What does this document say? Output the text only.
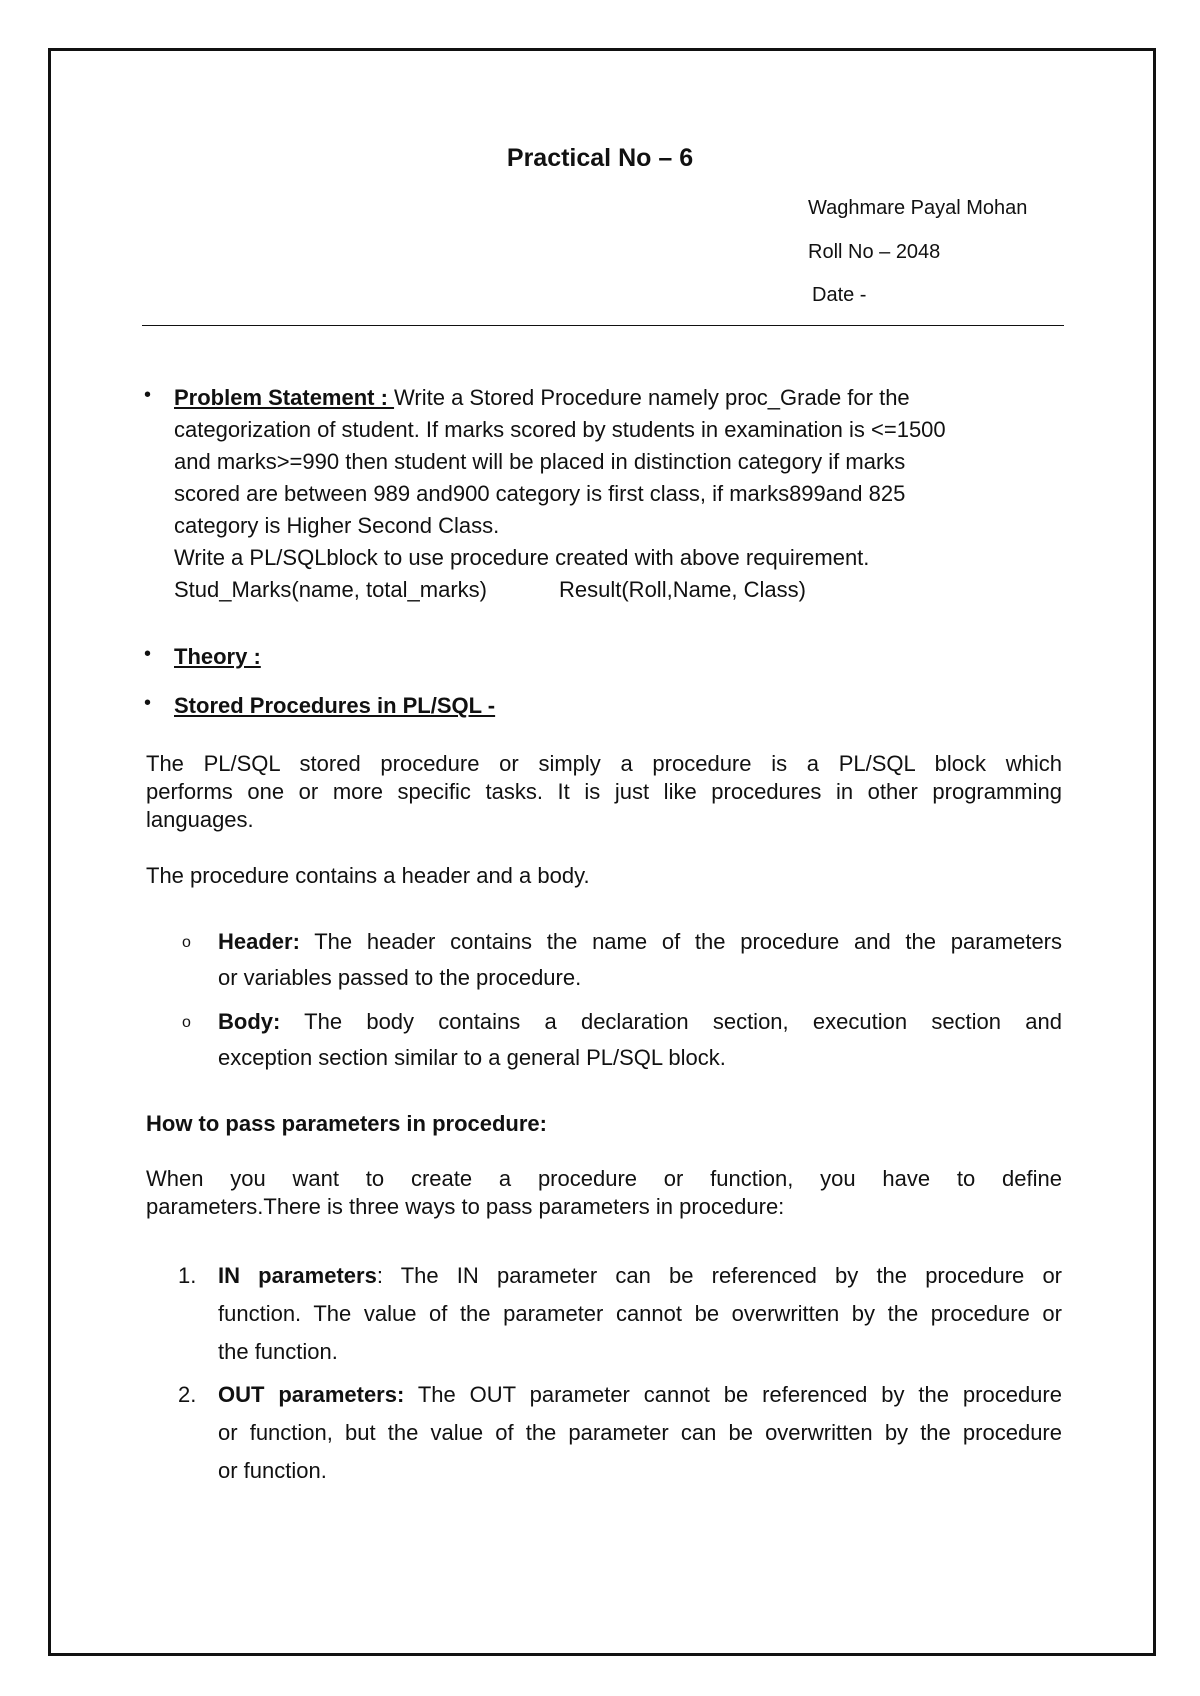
Practical No – 6
Waghmare Payal Mohan
Roll No – 2048
Date -
• Problem Statement : Write a Stored Procedure namely proc_Grade for the
categorization of student. If marks scored by students in examination is <=1500
and marks>=990 then student will be placed in distinction category if marks
scored are between 989 and900 category is first class, if marks899and 825
category is Higher Second Class.
Write a PL/SQLblock to use procedure created with above requirement.
Stud_Marks(name, total_marks)	Result(Roll,Name, Class)
• Theory :
• Stored Procedures in PL/SQL -
The PL/SQL stored procedure or simply a procedure is a PL/SQL block which
performs one or more specific tasks. It is just like procedures in other programming
languages.
The procedure contains a header and a body.
o Header: The header contains the name of the procedure and the parameters
or variables passed to the procedure.
o Body: The body contains a declaration section, execution section and
exception section similar to a general PL/SQL block.
How to pass parameters in procedure:
When you want to create a procedure or function, you have to define
parameters.There is three ways to pass parameters in procedure:
1. IN parameters: The IN parameter can be referenced by the procedure or
function. The value of the parameter cannot be overwritten by the procedure or
the function.
2. OUT parameters: The OUT parameter cannot be referenced by the procedure
or function, but the value of the parameter can be overwritten by the procedure
or function.
